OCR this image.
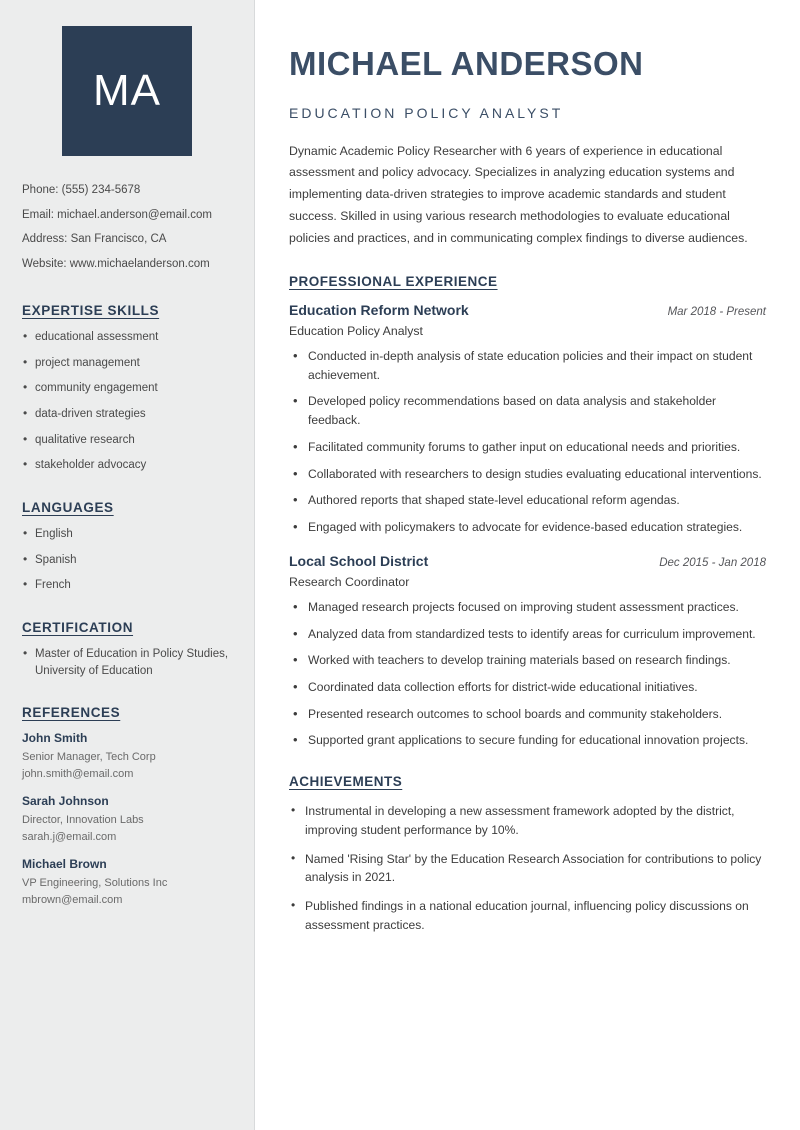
MA
Phone: (555) 234-5678
Email: michael.anderson@email.com
Address: San Francisco, CA
Website: www.michaelanderson.com
EXPERTISE SKILLS
• educational assessment
• project management
• community engagement
• data-driven strategies
• qualitative research
• stakeholder advocacy
LANGUAGES
• English
• Spanish
• French
CERTIFICATION
• Master of Education in Policy Studies, University of Education
REFERENCES
John Smith
Senior Manager, Tech Corp
john.smith@email.com
Sarah Johnson
Director, Innovation Labs
sarah.j@email.com
Michael Brown
VP Engineering, Solutions Inc
mbrown@email.com
MICHAEL ANDERSON
EDUCATION POLICY ANALYST

Dynamic Academic Policy Researcher with 6 years of experience in educational assessment and policy advocacy. Specializes in analyzing education systems and implementing data-driven strategies to improve academic standards and student success. Skilled in using various research methodologies to evaluate educational policies and practices, and in communicating complex findings to diverse audiences.

PROFESSIONAL EXPERIENCE
Education Reform Network	Mar 2018 - Present
Education Policy Analyst
• Conducted in-depth analysis of state education policies and their impact on student achievement.
• Developed policy recommendations based on data analysis and stakeholder feedback.
• Facilitated community forums to gather input on educational needs and priorities.
• Collaborated with researchers to design studies evaluating educational interventions.
• Authored reports that shaped state-level educational reform agendas.
• Engaged with policymakers to advocate for evidence-based education strategies.
Local School District	Dec 2015 - Jan 2018
Research Coordinator
• Managed research projects focused on improving student assessment practices.
• Analyzed data from standardized tests to identify areas for curriculum improvement.
• Worked with teachers to develop training materials based on research findings.
• Coordinated data collection efforts for district-wide educational initiatives.
• Presented research outcomes to school boards and community stakeholders.
• Supported grant applications to secure funding for educational innovation projects.
ACHIEVEMENTS
• Instrumental in developing a new assessment framework adopted by the district, improving student performance by 10%.
• Named 'Rising Star' by the Education Research Association for contributions to policy analysis in 2021.
• Published findings in a national education journal, influencing policy discussions on assessment practices.
